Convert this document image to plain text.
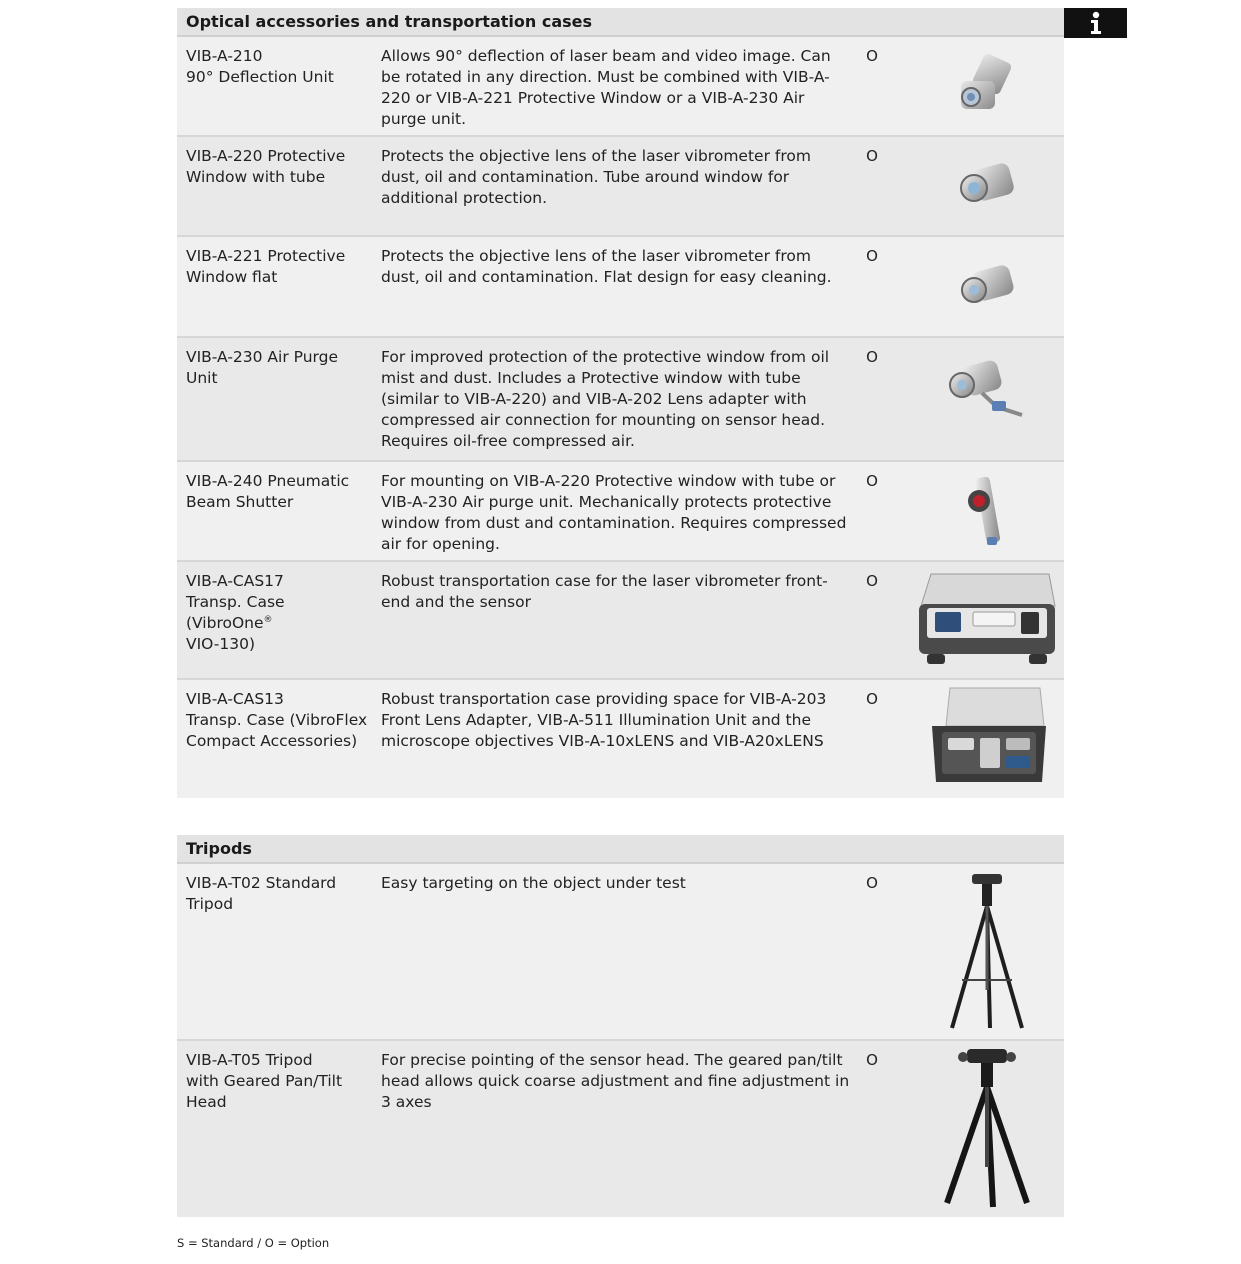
Optical accessories and transportation cases
VIB-A-210
90° Deflection Unit
Allows 90° deflection of laser beam and video image. Can be rotated in any direction. Must be combined with VIB-A-220 or VIB-A-221 Protective Window or a VIB-A-230 Air purge unit.
O
VIB-A-220 Protective
Window with tube
Protects the objective lens of the laser vibrometer from dust, oil and contamination. Tube around window for additional protection.
O
VIB-A-221 Protective
Window flat
Protects the objective lens of the laser vibrometer from dust, oil and contamination. Flat design for easy cleaning.
O
VIB-A-230 Air Purge Unit
For improved protection of the protective window from oil mist and dust. Includes a Protective window with tube (similar to VIB-A-220) and VIB-A-202 Lens adapter with compressed air connection for mounting on sensor head. Requires oil-free compressed air.
O
VIB-A-240 Pneumatic
Beam Shutter
For mounting on VIB-A-220 Protective window with tube or VIB-A-230 Air purge unit. Mechanically protects protective window from dust and contamination. Requires compressed air for opening.
O
VIB-A-CAS17
Transp. Case (VibroOne®
VIO-130)
Robust transportation case for the laser vibrometer front-end and the sensor
O
VIB-A-CAS13
Transp. Case (VibroFlex
Compact Accessories)
Robust transportation case providing space for VIB-A-203 Front Lens Adapter, VIB-A-511 Illumination Unit and the microscope objectives VIB-A-10xLENS and VIB-A20xLENS
O
Tripods
VIB-A-T02 Standard
Tripod
Easy targeting on the object under test	O
VIB-A-T05 Tripod
with Geared Pan/Tilt
Head
For precise pointing of the sensor head. The geared pan/tilt head allows quick coarse adjustment and fine adjustment in 3 axes
O
S = Standard / O = Option
